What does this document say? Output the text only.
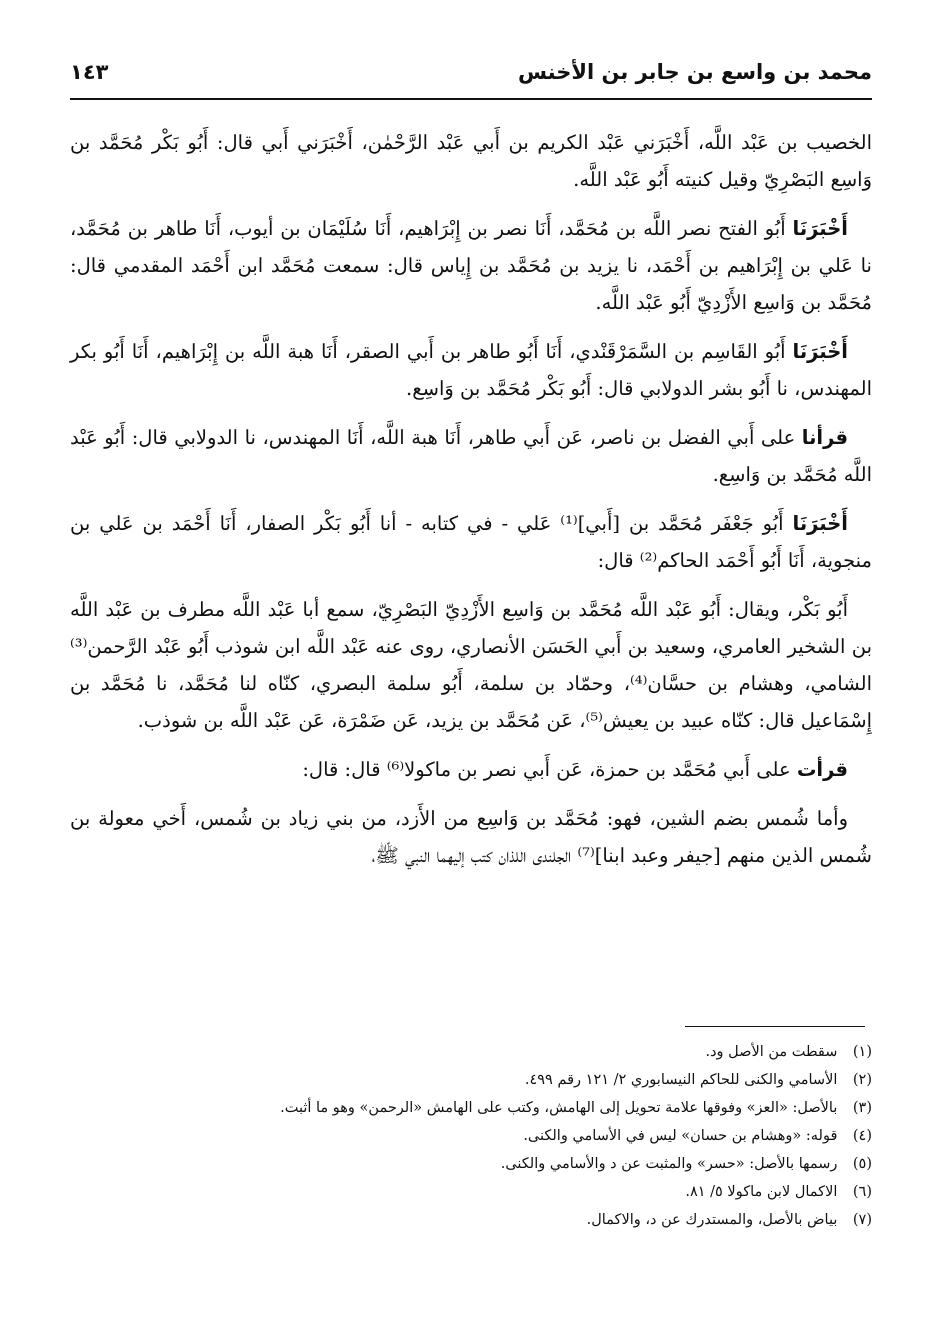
محمد بن واسع بن جابر بن الأخنس
١٤٣

الخصيب بن عَبْد اللَّه، أَخْبَرَني عَبْد الكريم بن أَبي عَبْد الرَّحْمٰن، أَخْبَرَني أَبي قال: أَبُو بَكْر مُحَمَّد بن وَاسِع البَصْرِيّ وقيل كنيته أَبُو عَبْد اللَّه.

أَخْبَرَنَا أَبُو الفتح نصر اللَّه بن مُحَمَّد، أَنَا نصر بن إِبْرَاهيم، أَنَا سُلَيْمَان بن أيوب، أَنَا طاهر بن مُحَمَّد، نا عَلي بن إِبْرَاهيم بن أَحْمَد، نا يزيد بن مُحَمَّد بن إِياس قال: سمعت مُحَمَّد ابن أَحْمَد المقدمي قال: مُحَمَّد بن وَاسِع الأَزْدِيّ أَبُو عَبْد اللَّه.

أَخْبَرَنَا أَبُو القَاسِم بن السَّمَرْقَنْدي، أَنَا أَبُو طاهر بن أَبي الصقر، أَنَا هبة اللَّه بن إِبْرَاهيم، أَنَا أَبُو بكر المهندس، نا أَبُو بشر الدولابي قال: أَبُو بَكْر مُحَمَّد بن وَاسِع.

قرأنا على أَبي الفضل بن ناصر، عَن أَبي طاهر، أَنَا هبة اللَّه، أَنَا المهندس، نا الدولابي قال: أَبُو عَبْد اللَّه مُحَمَّد بن وَاسِع.

أَخْبَرَنَا أَبُو جَعْفَر مُحَمَّد بن [أَبي]⁽¹⁾ عَلي - في كتابه - أنا أَبُو بَكْر الصفار، أَنَا أَحْمَد بن عَلي بن منجوية، أَنَا أَبُو أَحْمَد الحاكم⁽²⁾ قال:

أَبُو بَكْر، ويقال: أَبُو عَبْد اللَّه مُحَمَّد بن وَاسِع الأَزْدِيّ البَصْرِيّ، سمع أبا عَبْد اللَّه مطرف بن عَبْد اللَّه بن الشخير العامري، وسعيد بن أَبي الحَسَن الأنصاري، روى عنه عَبْد اللَّه ابن شوذب أَبُو عَبْد الرَّحمن⁽³⁾ الشامي، وهشام بن حسَّان⁽⁴⁾، وحمّاد بن سلمة، أَبُو سلمة البصري، كنّاه لنا مُحَمَّد، نا مُحَمَّد بن إِسْمَاعيل قال: كنّاه عبيد بن يعيش⁽⁵⁾، عَن مُحَمَّد بن يزيد، عَن ضَمْرَة، عَن عَبْد اللَّه بن شوذب.

قرأت على أَبي مُحَمَّد بن حمزة، عَن أَبي نصر بن ماكولا⁽⁶⁾ قال: قال:

وأما شُمس بضم الشين، فهو: مُحَمَّد بن وَاسِع من الأَزد، من بني زياد بن شُمس، أَخي معولة بن شُمس الذين منهم [جيفر وعبد ابنا]⁽⁷⁾ الجلندى اللذان كتب إليهما النبي ﷺ،

(١) سقطت من الأصل ود.
(٢) الأسامي والكنى للحاكم النيسابوري ٢/ ١٢١ رقم ٤٩٩.
(٣) بالأصل: «العز» وفوقها علامة تحويل إلى الهامش، وكتب على الهامش «الرحمن» وهو ما أثبت.
(٤) قوله: «وهشام بن حسان» ليس في الأسامي والكنى.
(٥) رسمها بالأصل: «حسر» والمثبت عن د والأسامي والكنى.
(٦) الاكمال لابن ماكولا ٥/ ٨١.
(٧) بياض بالأصل، والمستدرك عن د، والاكمال.
